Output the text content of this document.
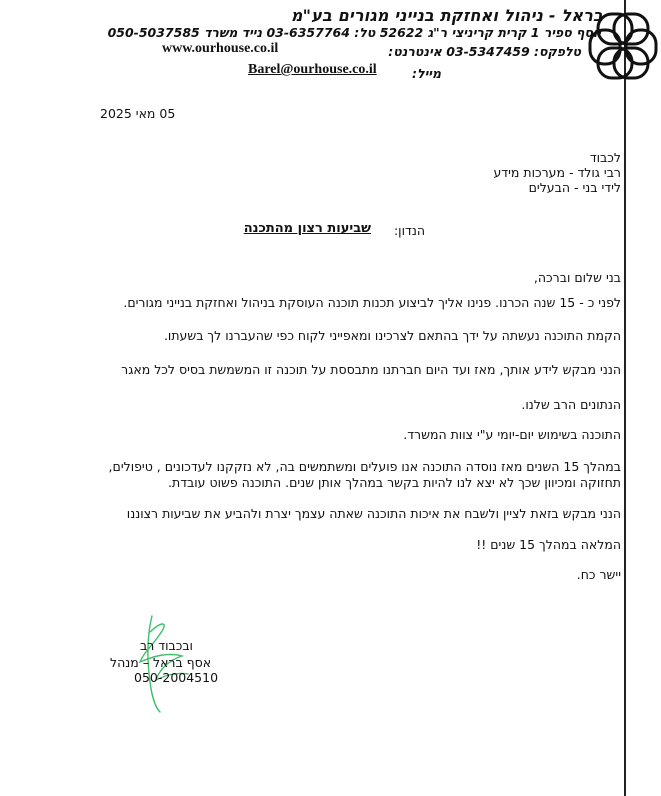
בראל - ניהול ואחזקת בנייני מגורים בע"מ
יוסף ספיר 1 קרית קריניצי ר"ג 52622 טל: 03-6357764 נייד משרד 050-5037585
טלפקס: 03-5347459 אינטרנט:
www.ourhouse.co.il
מייל:
Barel@ourhouse.co.il
05 מאי 2025
לכבוד
רבי גולד - מערכות מידע
לידי בני - הבעלים
הנדון:
שביעות רצון מהתכנה
בני שלום וברכה,
לפני כ - 15 שנה הכרנו. פנינו אליך לביצוע תכנות תוכנה העוסקת בניהול ואחזקת בנייני מגורים.
הקמת התוכנה נעשתה על ידך בהתאם לצרכינו ומאפייני לקוח כפי שהעברנו לך בשעתו.
הנני מבקש לידע אותך, מאז ועד היום חברתנו מתבססת על תוכנה זו המשמשת בסיס לכל מאגר
הנתונים הרב שלנו.
התוכנה בשימוש יום-יומי ע"י צוות המשרד.
במהלך 15 השנים מאז נוסדה התוכנה אנו פועלים ומשתמשים בה, לא נזקקנו לעדכונים , טיפולים,
תחזוקה ומכיוון שכך לא יצא לנו להיות בקשר במהלך אותן שנים. התוכנה פשוט עובדת.
הנני מבקש בזאת לציין ולשבח את איכות התוכנה שאתה עצמך יצרת ולהביע את שביעות רצוננו
המלאה במהלך 15 שנים !!
יישר כח.
ובכבוד רב
אסף בראל – מנהל
050-2004510
